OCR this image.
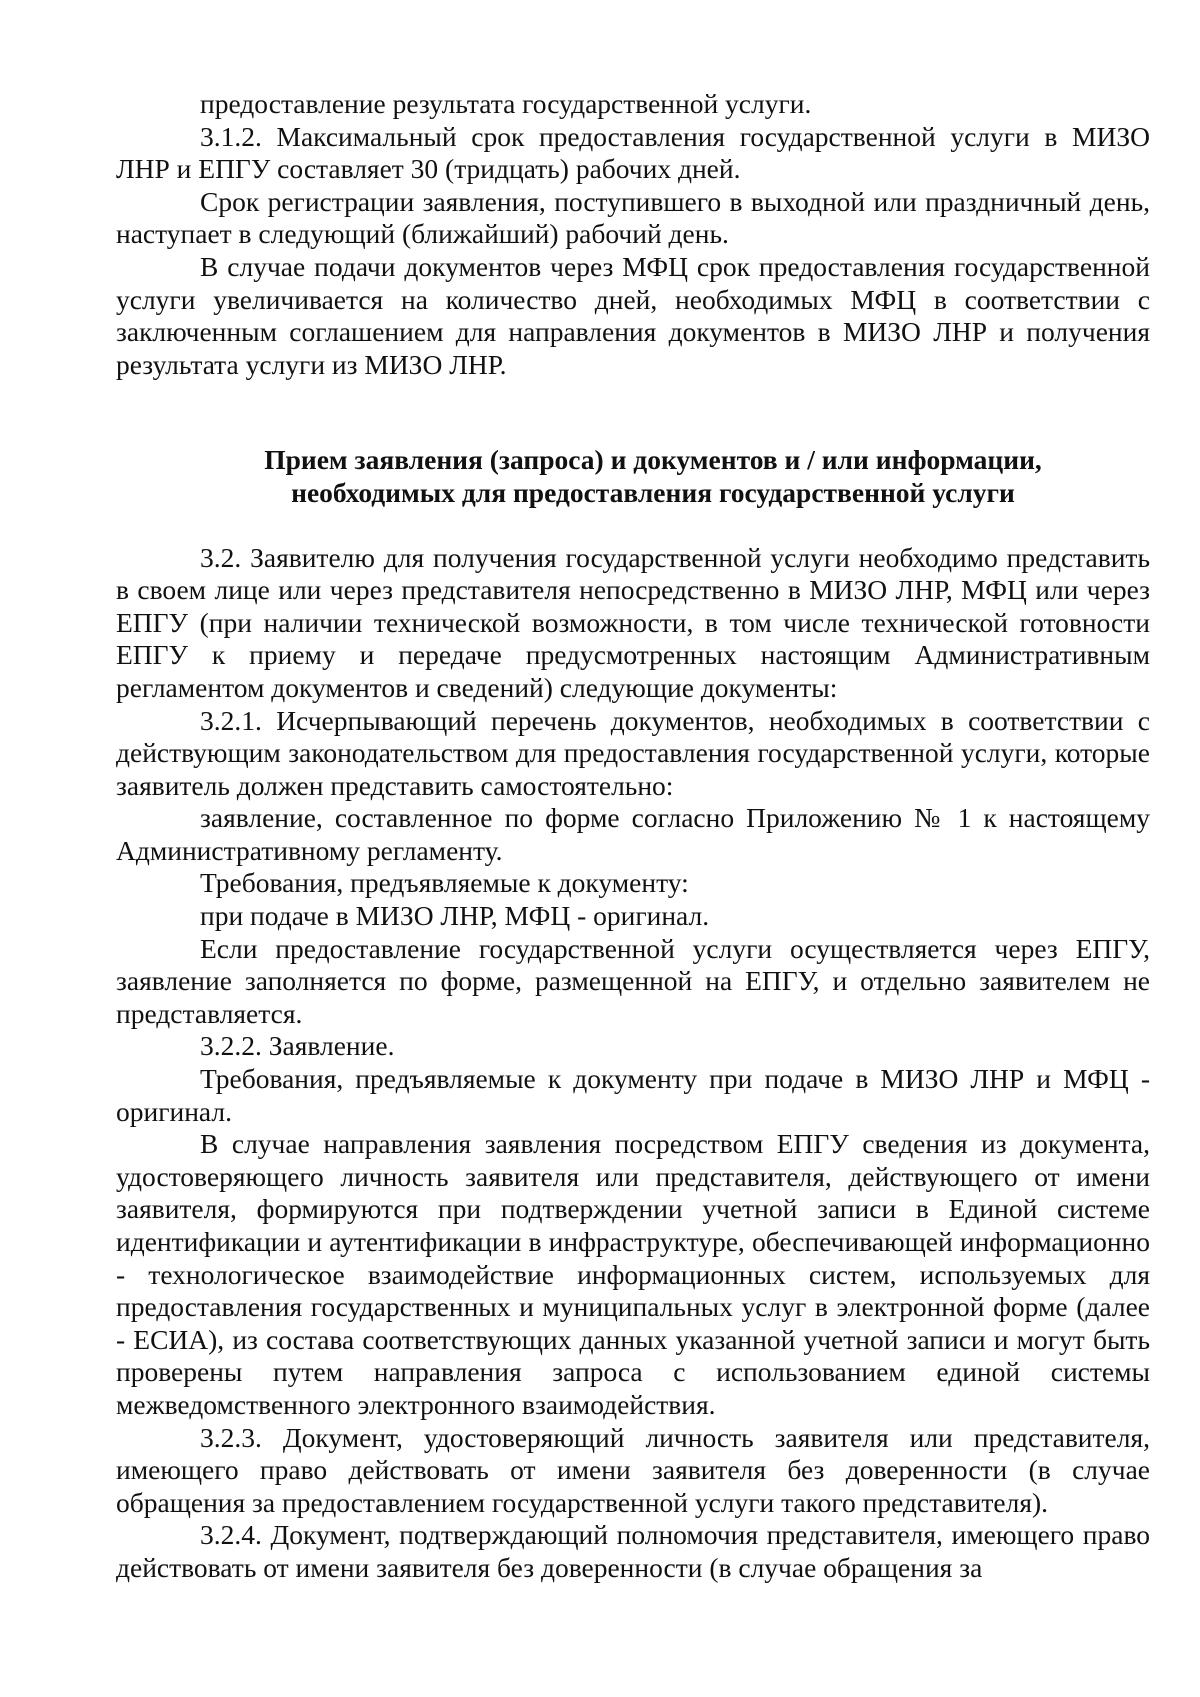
предоставление результата государственной услуги.

3.1.2. Максимальный срок предоставления государственной услуги в МИЗО ЛНР и ЕПГУ составляет 30 (тридцать) рабочих дней.

Срок регистрации заявления, поступившего в выходной или праздничный день, наступает в следующий (ближайший) рабочий день.

В случае подачи документов через МФЦ срок предоставления государственной услуги увеличивается на количество дней, необходимых МФЦ в соответствии с заключенным соглашением для направления документов в МИЗО ЛНР и получения результата услуги из МИЗО ЛНР.

Прием заявления (запроса) и документов и / или информации,
необходимых для предоставления государственной услуги

3.2. Заявителю для получения государственной услуги необходимо представить в своем лице или через представителя непосредственно в МИЗО ЛНР, МФЦ или через ЕПГУ (при наличии технической возможности, в том числе технической готовности ЕПГУ к приему и передаче предусмотренных настоящим Административным регламентом документов и сведений) следующие документы:

3.2.1. Исчерпывающий перечень документов, необходимых в соответствии с действующим законодательством для предоставления государственной услуги, которые заявитель должен представить самостоятельно:

заявление, составленное по форме согласно Приложению № 1 к настоящему Административному регламенту.

Требования, предъявляемые к документу:

при подаче в МИЗО ЛНР, МФЦ - оригинал.

Если предоставление государственной услуги осуществляется через ЕПГУ, заявление заполняется по форме, размещенной на ЕПГУ, и отдельно заявителем не представляется.

3.2.2. Заявление.

Требования, предъявляемые к документу при подаче в МИЗО ЛНР и МФЦ - оригинал.

В случае направления заявления посредством ЕПГУ сведения из документа, удостоверяющего личность заявителя или представителя, действующего от имени заявителя, формируются при подтверждении учетной записи в Единой системе идентификации и аутентификации в инфраструктуре, обеспечивающей информационно - технологическое взаимодействие информационных систем, используемых для предоставления государственных и муниципальных услуг в электронной форме (далее - ЕСИА), из состава соответствующих данных указанной учетной записи и могут быть проверены путем направления запроса с использованием единой системы межведомственного электронного взаимодействия.

3.2.3. Документ, удостоверяющий личность заявителя или представителя, имеющего право действовать от имени заявителя без доверенности (в случае обращения за предоставлением государственной услуги такого представителя).

3.2.4. Документ, подтверждающий полномочия представителя, имеющего право действовать от имени заявителя без доверенности (в случае обращения за
